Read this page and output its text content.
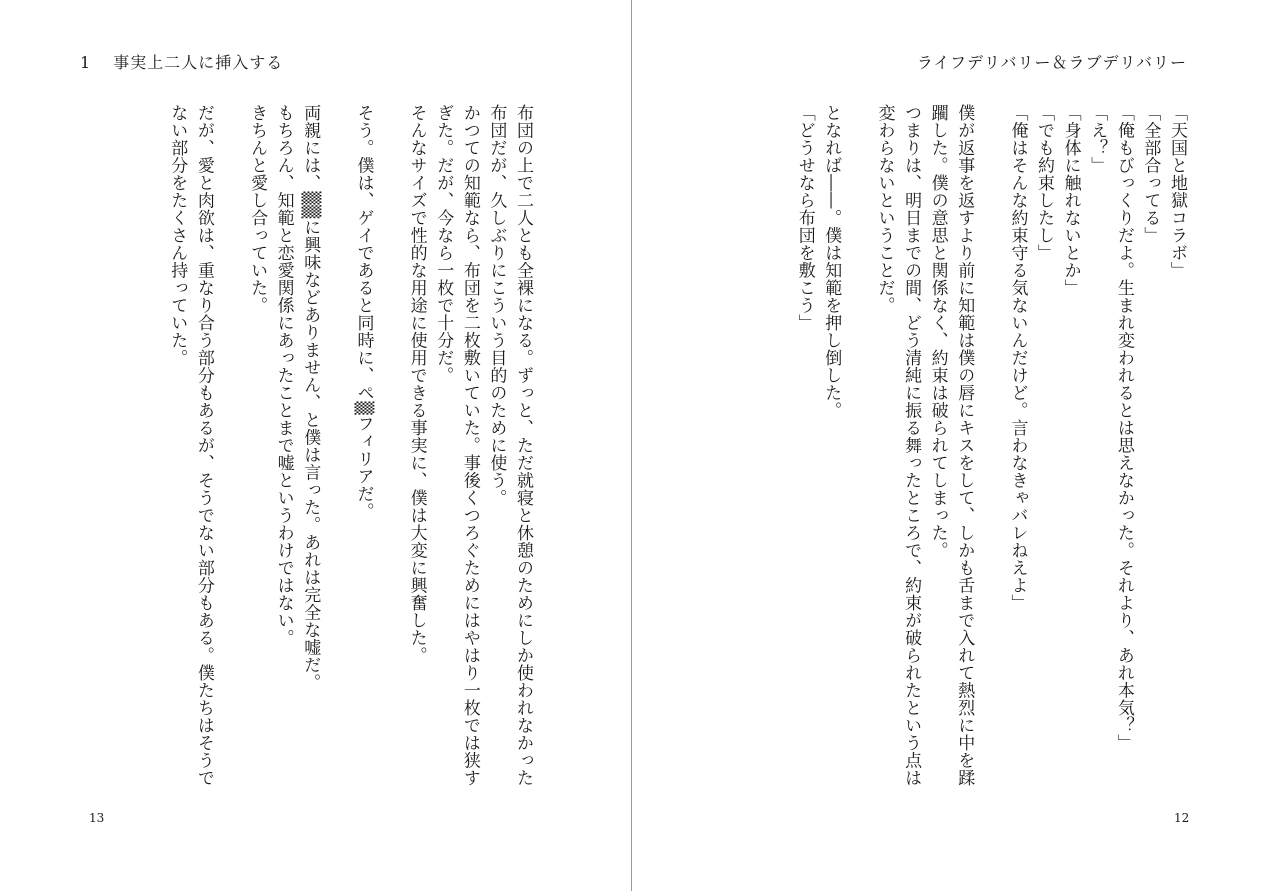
1 事実上二人に挿入する
布団の上で二人とも全裸になる。ずっと、ただ就寝と休憩のためにしか使われなかった
布団だが、久しぶりにこういう目的のために使う。
かつての知範なら、布団を二枚敷いていた。事後くつろぐためにはやはり一枚では狭す
ぎた。だが、今なら一枚で十分だ。
そんなサイズで性的な用途に使用できる事実に、僕は大変に興奮した。
そう。僕は、ゲイであると同時に、ペ▒フィリアだ。
両親には、▒▒に興味などありません、と僕は言った。あれは完全な嘘だ。
もちろん、知範と恋愛関係にあったことまで嘘というわけではない。
きちんと愛し合っていた。
だが、愛と肉欲は、重なり合う部分もあるが、そうでない部分もある。僕たちはそうで
ない部分をたくさん持っていた。
13
ライフデリバリー＆ラブデリバリー
「天国と地獄コラボ」
「全部合ってる」
「俺もびっくりだよ。生まれ変われるとは思えなかった。それより、あれ本気？」
「え？」
「身体に触れないとか」
「でも約束したし」
「俺はそんな約束守る気ないんだけど。言わなきゃバレねえよ」
僕が返事を返すより前に知範は僕の唇にキスをして、しかも舌まで入れて熱烈に中を蹂
躙した。僕の意思と関係なく、約束は破られてしまった。
つまりは、明日までの間、どう清純に振る舞ったところで、約束が破られたという点は
変わらないということだ。
となれば――。僕は知範を押し倒した。
「どうせなら布団を敷こう」
12
